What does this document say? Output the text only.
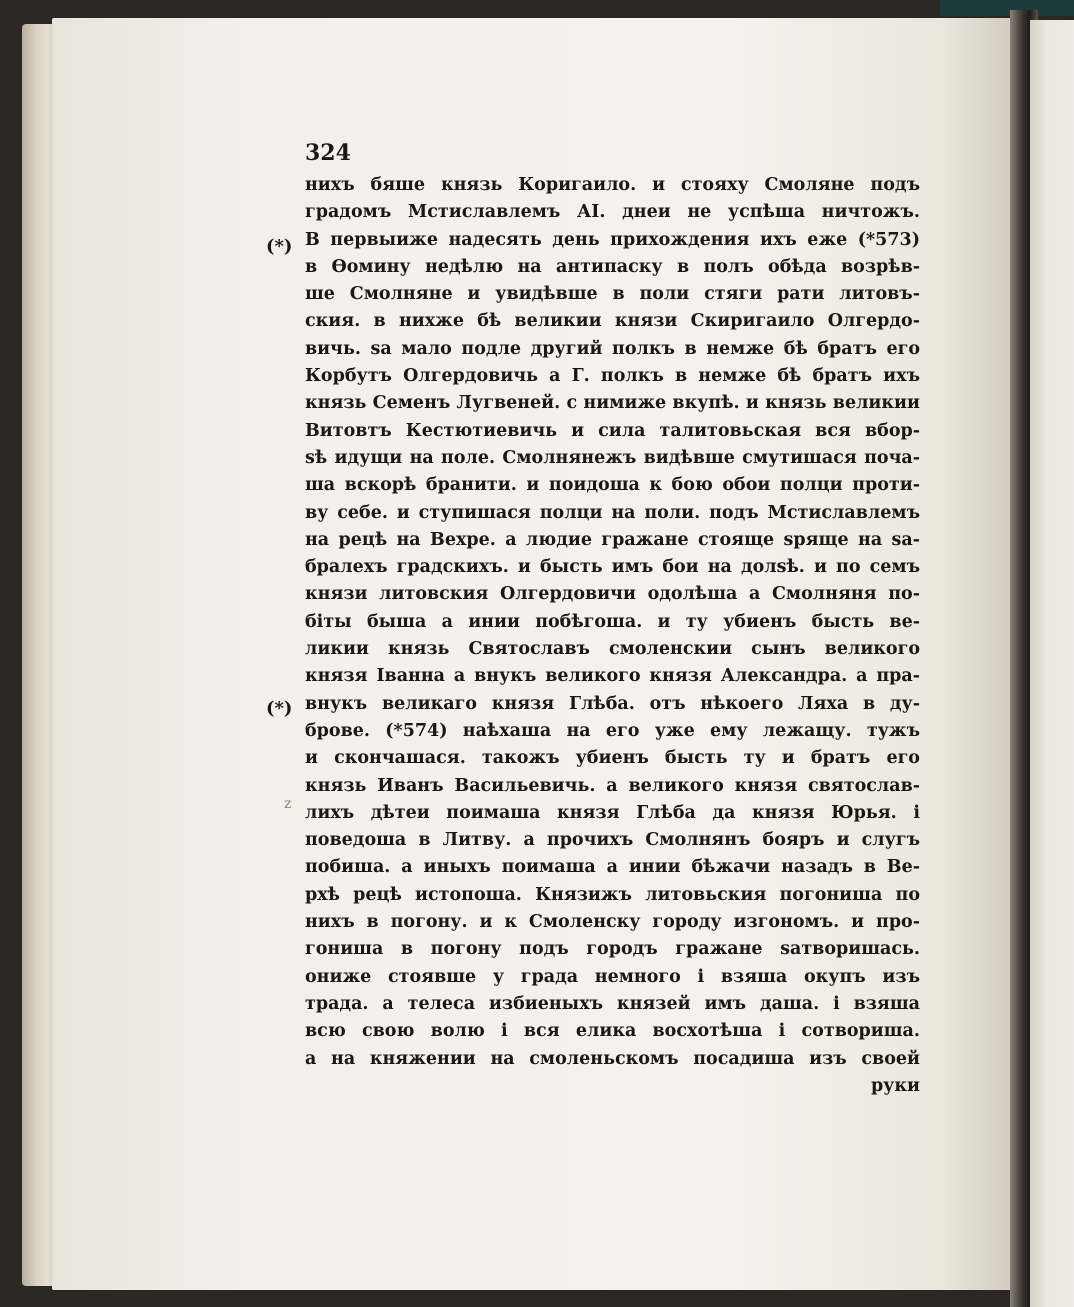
324
(*)
(*)
z
нихъ бяше князь Коригаило. и стояху Смоляне подъ
градомъ Мстиславлемъ АI. днеи не успѣша ничтожъ.
В первыиже надесять день прихождения ихъ еже (*573)
в Ѳомину недѣлю на антипаску в полъ обѣда возрѣв-
ше Смолняне и увидѣвше в поли стяги рати литовъ-
ския. в нихже бѣ великии князи Скиригаило Олгердо-
вичь. ѕа мало подле другий полкъ в немже бѣ братъ его
Корбутъ Олгердовичь а Г. полкъ в немже бѣ братъ ихъ
князь Семенъ Лугвеней. с нимиже вкупѣ. и князь великии
Витовтъ Кестютиевичь и сила талитовьская вся вбор-
ѕѣ идущи на поле. Смолнянежъ видѣвше смутишася поча-
ша вскорѣ бранити. и поидоша к бою обои полци проти-
ву себе. и ступишася полци на поли. подъ Мстиславлемъ
на рецѣ на Вехре. а людие гражане стояще ѕряще на ѕа-
бралехъ градскихъ. и бысть имъ бои на долѕѣ. и по семъ
князи литовския Олгердовичи одолѣша а Смолняня по-
бiты быша а инии побѣгоша. и ту убиенъ бысть ве-
ликии князь Святославъ смоленскии сынъ великого
князя Iванна а внукъ великого князя Александра. а пра-
внукъ великаго князя Глѣба. отъ нѣкоего Ляха в ду-
брове. (*574) наѣхаша на его уже ему лежащу. тужъ
и скончашася. такожъ убиенъ бысть ту и братъ его
князь Иванъ Васильевичь. а великого князя святослав-
лихъ дѣтеи поимаша князя Глѣба да князя Юрья. i
поведоша в Литву. а прочихъ Смолнянъ бояръ и слугъ
побиша. а иныхъ поимаша а инии бѣжачи назадъ в Ве-
рхѣ рецѣ истопоша. Князижъ литовьския погониша по
нихъ в погону. и к Смоленску городу изгономъ. и про-
гониша в погону подъ городъ гражане ѕатворишась.
ониже стоявше у града немного i взяша окупъ изъ
трада. а телеса избиеныхъ князей имъ даша. i взяша
всю свою волю i вся елика восхотѣша i сотвориша.
а на княжении на смоленьскомъ посадиша изъ своей
руки
